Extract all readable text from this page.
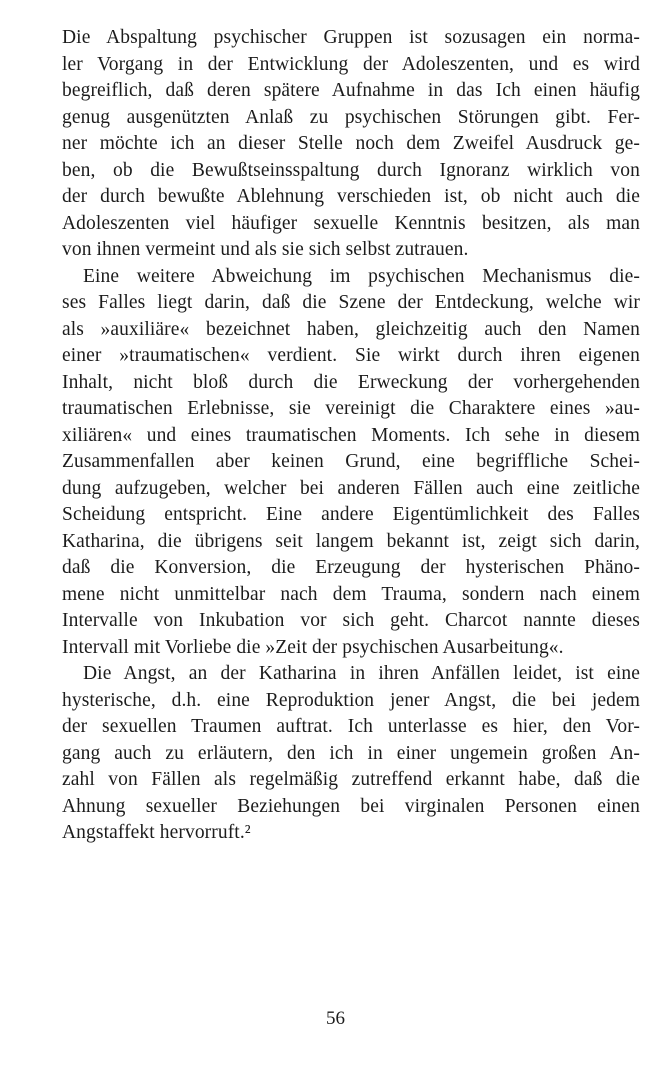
Die Abspaltung psychischer Gruppen ist sozusagen ein norma-
ler Vorgang in der Entwicklung der Adoleszenten, und es wird
begreiflich, daß deren spätere Aufnahme in das Ich einen häufig
genug ausgenützten Anlaß zu psychischen Störungen gibt. Fer-
ner möchte ich an dieser Stelle noch dem Zweifel Ausdruck ge-
ben, ob die Bewußtseinsspaltung durch Ignoranz wirklich von
der durch bewußte Ablehnung verschieden ist, ob nicht auch die
Adoleszenten viel häufiger sexuelle Kenntnis besitzen, als man
von ihnen vermeint und als sie sich selbst zutrauen.
Eine weitere Abweichung im psychischen Mechanismus die-
ses Falles liegt darin, daß die Szene der Entdeckung, welche wir
als »auxiliäre« bezeichnet haben, gleichzeitig auch den Namen
einer »traumatischen« verdient. Sie wirkt durch ihren eigenen
Inhalt, nicht bloß durch die Erweckung der vorhergehenden
traumatischen Erlebnisse, sie vereinigt die Charaktere eines »au-
xiliären« und eines traumatischen Moments. Ich sehe in diesem
Zusammenfallen aber keinen Grund, eine begriffliche Schei-
dung aufzugeben, welcher bei anderen Fällen auch eine zeitliche
Scheidung entspricht. Eine andere Eigentümlichkeit des Falles
Katharina, die übrigens seit langem bekannt ist, zeigt sich darin,
daß die Konversion, die Erzeugung der hysterischen Phäno-
mene nicht unmittelbar nach dem Trauma, sondern nach einem
Intervalle von Inkubation vor sich geht. Charcot nannte dieses
Intervall mit Vorliebe die »Zeit der psychischen Ausarbeitung«.
Die Angst, an der Katharina in ihren Anfällen leidet, ist eine
hysterische, d.h. eine Reproduktion jener Angst, die bei jedem
der sexuellen Traumen auftrat. Ich unterlasse es hier, den Vor-
gang auch zu erläutern, den ich in einer ungemein großen An-
zahl von Fällen als regelmäßig zutreffend erkannt habe, daß die
Ahnung sexueller Beziehungen bei virginalen Personen einen
Angstaffekt hervorruft.²
56
